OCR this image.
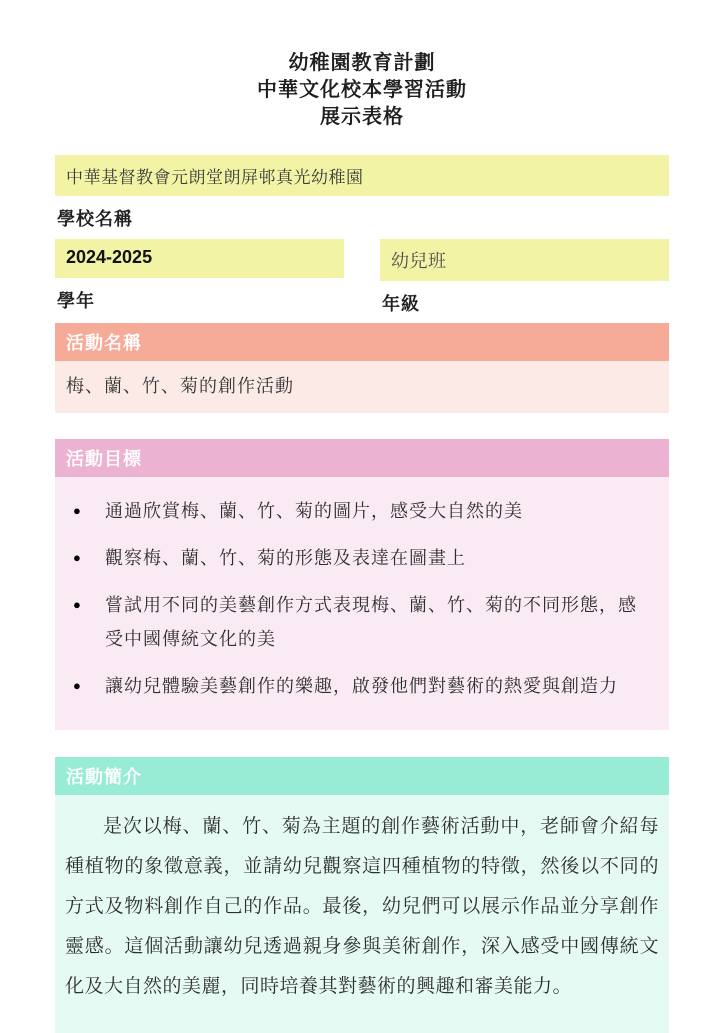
幼稚園教育計劃
中華文化校本學習活動
展示表格
中華基督教會元朗堂朗屏邨真光幼稚園
學校名稱
2024-2025
學年
幼兒班
年級
活動名稱
梅、蘭、竹、菊的創作活動
活動目標
● 通過欣賞梅、蘭、竹、菊的圖片，感受大自然的美
● 觀察梅、蘭、竹、菊的形態及表達在圖畫上
● 嘗試用不同的美藝創作方式表現梅、蘭、竹、菊的不同形態，感受中國傳統文化的美
● 讓幼兒體驗美藝創作的樂趣，啟發他們對藝術的熱愛與創造力
活動簡介

是次以梅、蘭、竹、菊為主題的創作藝術活動中，老師會介紹每種植物的象徵意義，並請幼兒觀察這四種植物的特徵，然後以不同的方式及物料創作自己的作品。最後，幼兒們可以展示作品並分享創作靈感。這個活動讓幼兒透過親身參與美術創作，深入感受中國傳統文化及大自然的美麗，同時培養其對藝術的興趣和審美能力。
